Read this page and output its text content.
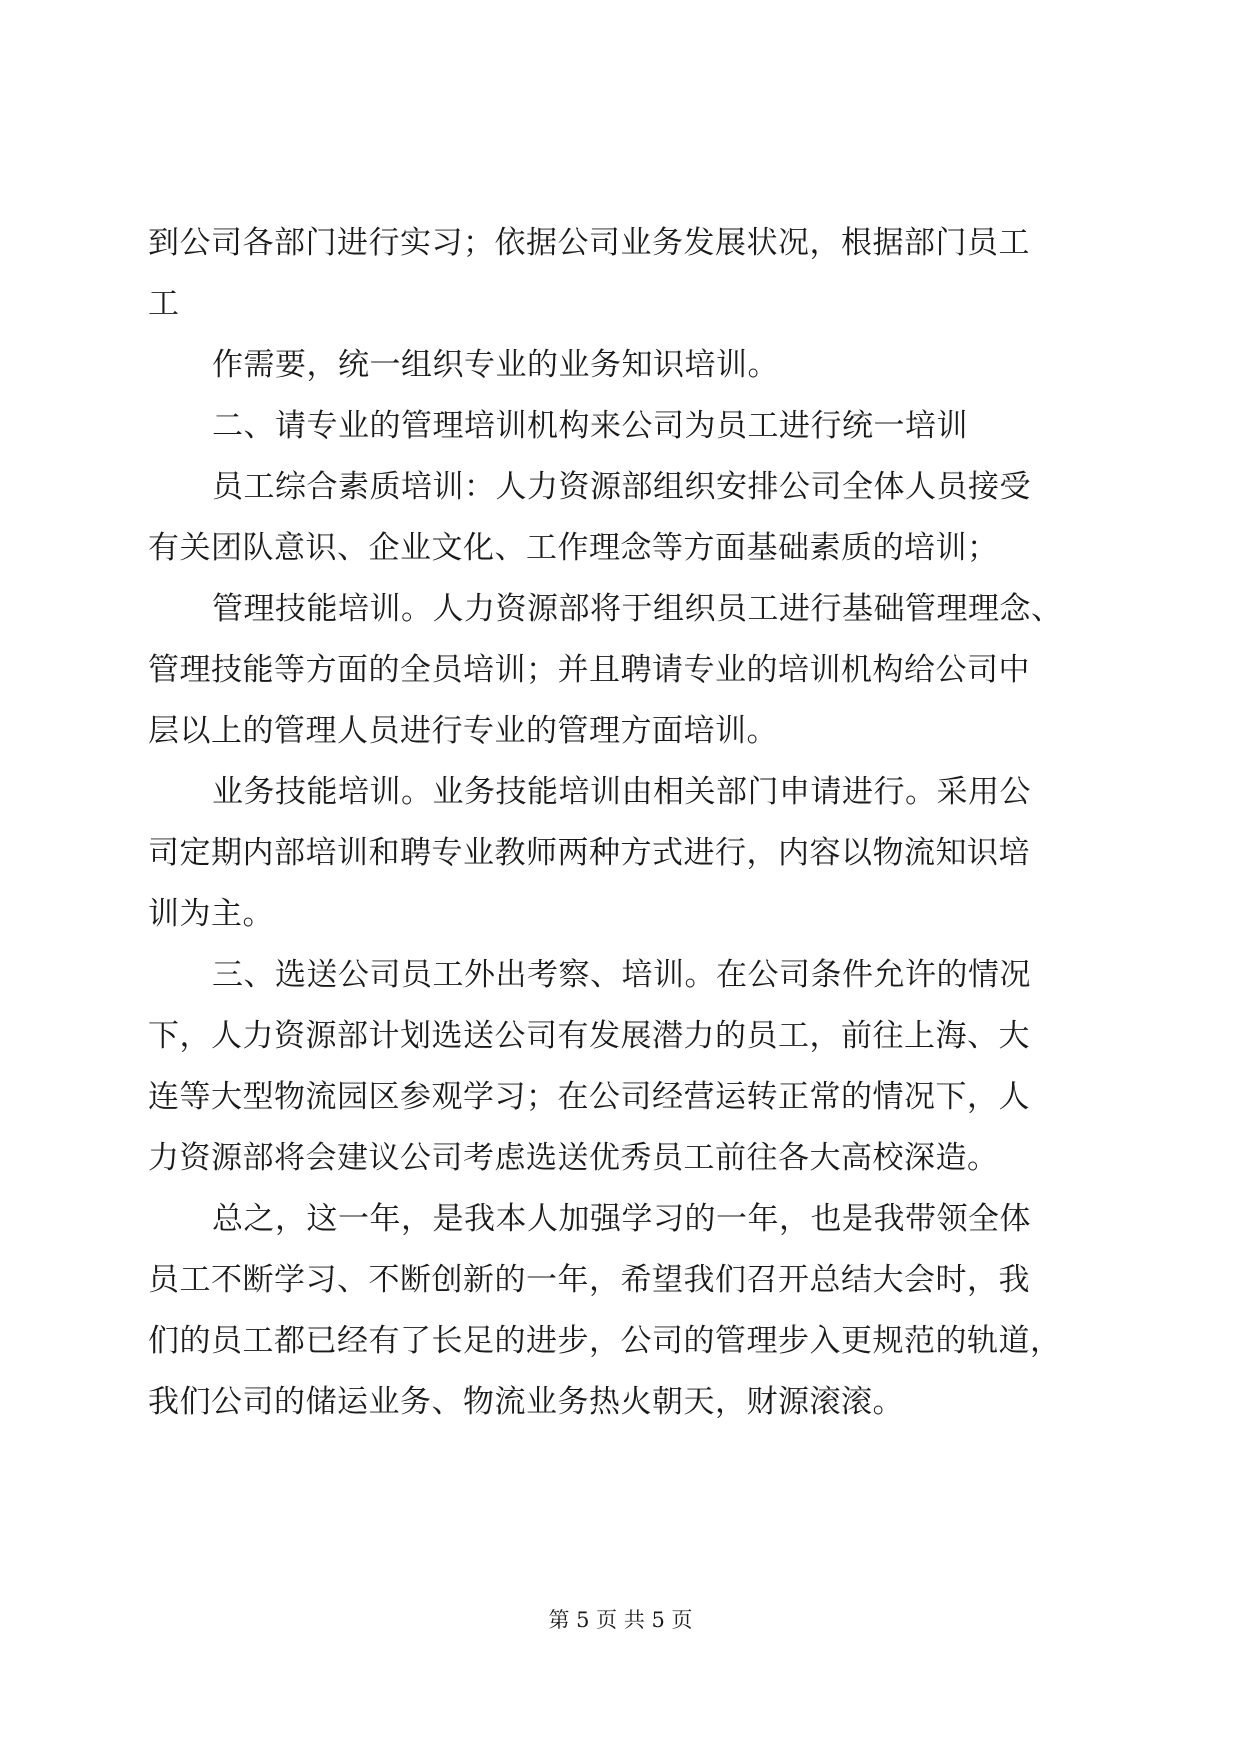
到公司各部门进行实习；依据公司业务发展状况，根据部门员工

工

作需要，统一组织专业的业务知识培训。

二、请专业的管理培训机构来公司为员工进行统一培训

员工综合素质培训：人力资源部组织安排公司全体人员接受

有关团队意识、企业文化、工作理念等方面基础素质的培训；

管理技能培训。人力资源部将于组织员工进行基础管理理念、

管理技能等方面的全员培训；并且聘请专业的培训机构给公司中

层以上的管理人员进行专业的管理方面培训。

业务技能培训。业务技能培训由相关部门申请进行。采用公

司定期内部培训和聘专业教师两种方式进行，内容以物流知识培

训为主。

三、选送公司员工外出考察、培训。在公司条件允许的情况

下，人力资源部计划选送公司有发展潜力的员工，前往上海、大

连等大型物流园区参观学习；在公司经营运转正常的情况下，人

力资源部将会建议公司考虑选送优秀员工前往各大高校深造。

总之，这一年，是我本人加强学习的一年，也是我带领全体

员工不断学习、不断创新的一年，希望我们召开总结大会时，我

们的员工都已经有了长足的进步，公司的管理步入更规范的轨道，

我们公司的储运业务、物流业务热火朝天，财源滚滚。

第 5 页 共 5 页
